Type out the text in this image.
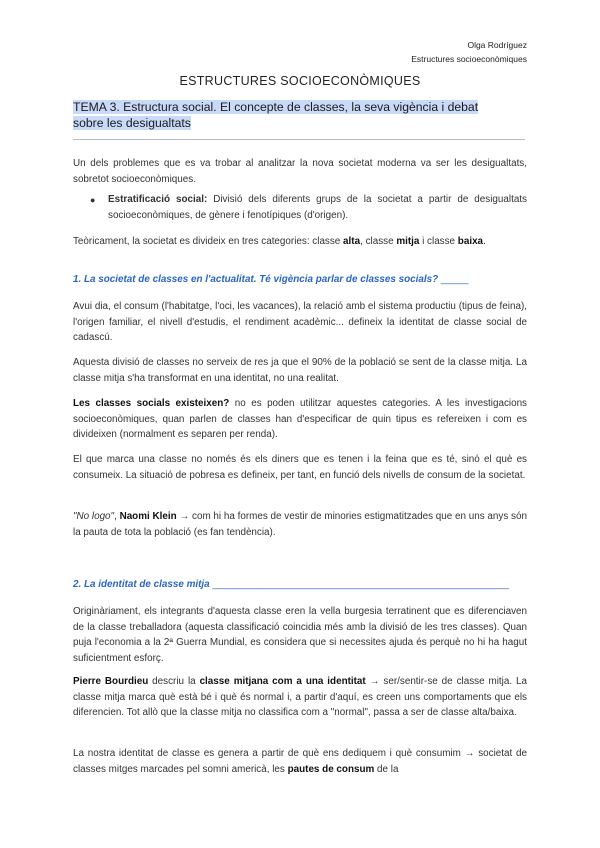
Olga Rodríguez
Estructures socioeconòmiques
ESTRUCTURES SOCIOECONÒMIQUES
TEMA 3. Estructura social. El concepte de classes, la seva vigència i debat
sobre les desigualtats
Un dels problemes que es va trobar al analitzar la nova societat moderna va ser les desigualtats, sobretot socioeconòmiques.
● Estratificació social: Divisió dels diferents grups de la societat a partir de desigualtats socioeconòmiques, de gènere i fenotípiques (d'origen).
Teòricament, la societat es divideix en tres categories: classe alta, classe mitja i classe baixa.
1. La societat de classes en l'actualitat. Té vigència parlar de classes socials? _____
Avui dia, el consum (l'habitatge, l'oci, les vacances), la relació amb el sistema productiu (tipus de feina), l'origen familiar, el nivell d'estudis, el rendiment acadèmic... defineix la identitat de classe social de cadascú.
Aquesta divisió de classes no serveix de res ja que el 90% de la població se sent de la classe mitja. La classe mitja s'ha transformat en una identitat, no una realitat.
Les classes socials existeixen? no es poden utilitzar aquestes categories. A les investigacions socioeconòmiques, quan parlen de classes han d'especificar de quin tipus es refereixen i com es divideixen (normalment es separen per renda).
El que marca una classe no només és els diners que es tenen i la feina que es té, sinó el què es consumeix. La situació de pobresa es defineix, per tant, en funció dels nivells de consum de la societat.
"No logo", Naomi Klein → com hi ha formes de vestir de minories estigmatitzades que en uns anys són la pauta de tota la població (es fan tendència).
2. La identitat de classe mitja ______________________________________________________
Originàriament, els integrants d'aquesta classe eren la vella burgesia terratinent que es diferenciaven de la classe treballadora (aquesta classificació coincidia més amb la divisió de les tres classes). Quan puja l'economia a la 2ª Guerra Mundial, es considera que si necessites ajuda és perquè no hi ha hagut suficientment esforç.
Pierre Bourdieu descriu la classe mitjana com a una identitat → ser/sentir-se de classe mitja. La classe mitja marca què està bé i què és normal i, a partir d'aquí, es creen uns comportaments que els diferencien. Tot allò que la classe mitja no classifica com a "normal", passa a ser de classe alta/baixa.
La nostra identitat de classe es genera a partir de què ens dediquem i què consumim → societat de classes mitges marcades pel somni americà, les pautes de consum de la
